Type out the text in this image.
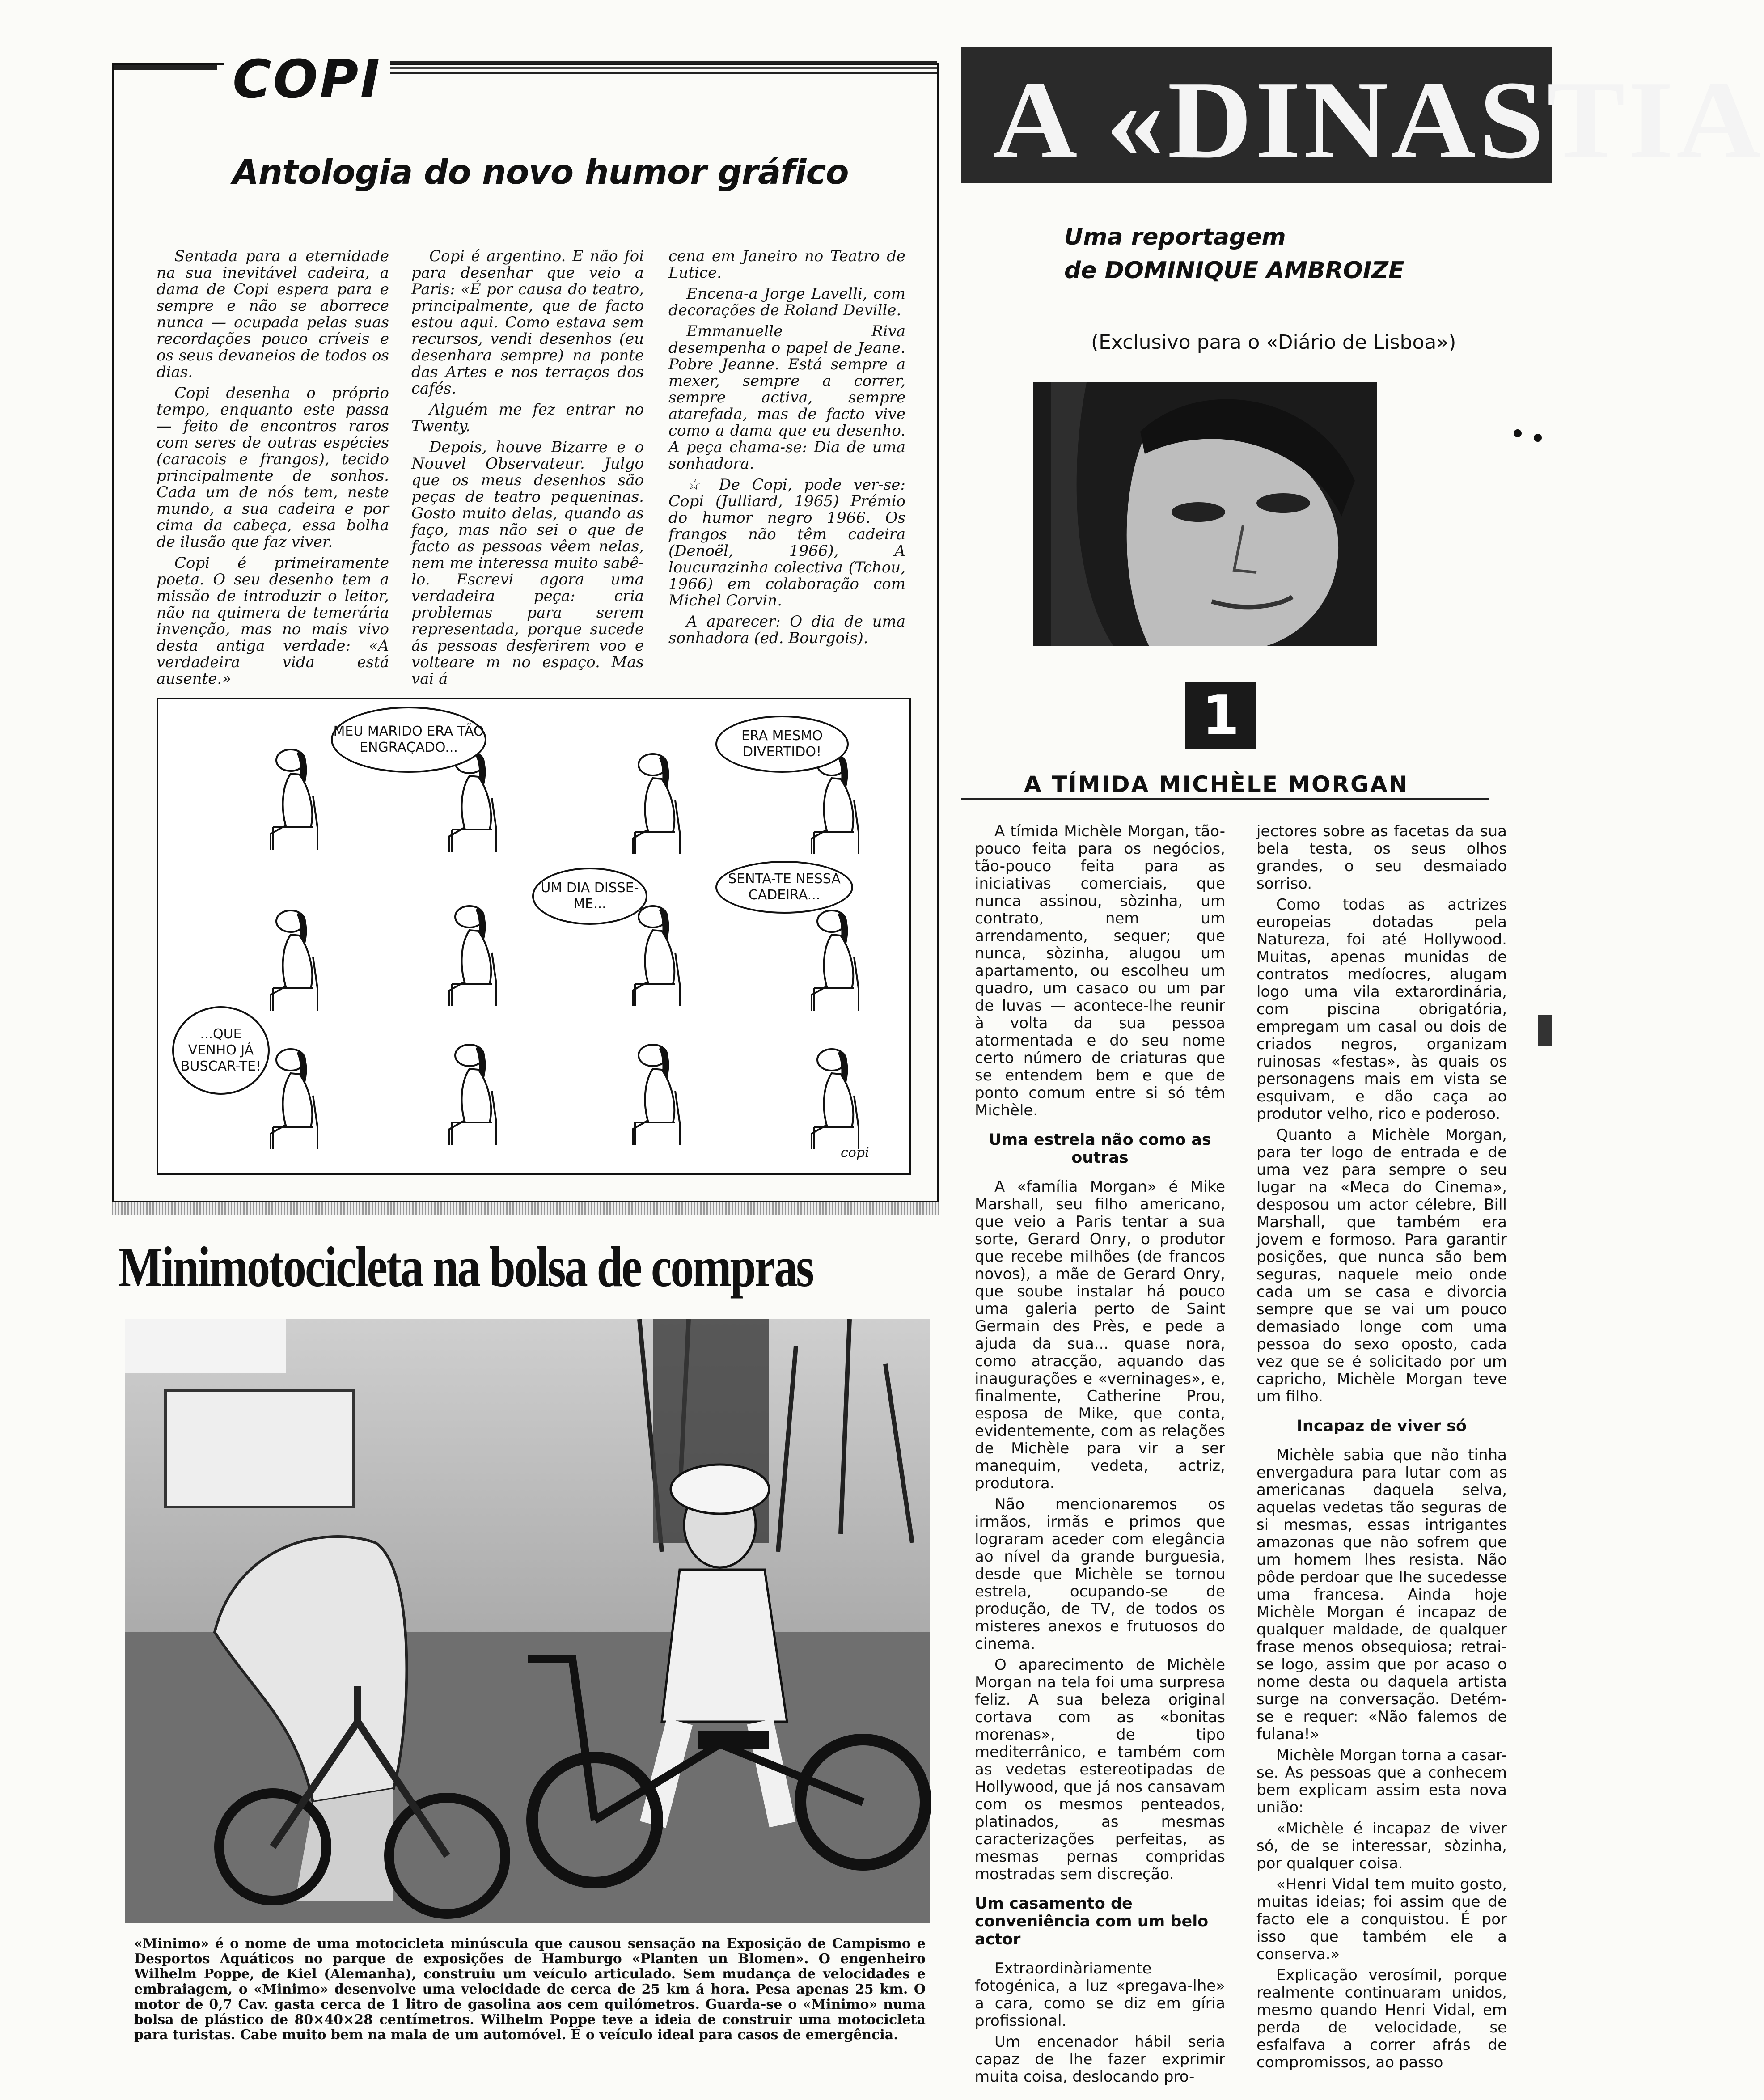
COPI
Antologia do novo humor gráfico

Sentada para a eternidade na sua inevitável cadeira, a dama de Copi espera para e sempre e não se aborrece nunca — ocupada pelas suas recordações pouco críveis e os seus devaneios de todos os dias.

Copi desenha o próprio tempo, enquanto este passa — feito de encontros raros com seres de outras espécies (caracois e frangos), tecido principalmente de sonhos. Cada um de nós tem, neste mundo, a sua cadeira e por cima da cabeça, essa bolha de ilusão que faz viver.

Copi é primeiramente poeta. O seu desenho tem a missão de introduzir o leitor, não na quimera de temerária invenção, mas no mais vivo desta antiga verdade: «A verdadeira vida está ausente.»

Copi é argentino. E não foi para desenhar que veio a Paris: «É por causa do teatro, principalmente, que de facto estou aqui. Como estava sem recursos, vendi desenhos (eu desenhara sempre) na ponte das Artes e nos terraços dos cafés.

Alguém me fez entrar no Twenty.

Depois, houve Bizarre e o Nouvel Observateur. Julgo que os meus desenhos são peças de teatro pequeninas. Gosto muito delas, quando as faço, mas não sei o que de facto as pessoas vêem nelas, nem me interessa muito sabê-lo. Escrevi agora uma verdadeira peça: cria problemas para serem representada, porque sucede ás pessoas desferirem voo e volteare m no espaço. Mas vai á

cena em Janeiro no Teatro de Lutice.

Encena-a Jorge Lavelli, com decorações de Roland Deville.

Emmanuelle Riva desempenha o papel de Jeane. Pobre Jeanne. Está sempre a mexer, sempre a correr, sempre activa, sempre atarefada, mas de facto vive como a dama que eu desenho. A peça chama-se: Dia de uma sonhadora.

☆ De Copi, pode ver-se: Copi (Julliard, 1965) Prémio do humor negro 1966. Os frangos não têm cadeira (Denoël, 1966), A loucurazinha colectiva (Tchou, 1966) em colaboração com Michel Corvin.

A aparecer: O dia de uma sonhadora (ed. Bourgois).

MEU MARIDO ERA TÃO ENGRAÇADO...
ERA MESMO DIVERTIDO!
UM DIA DISSE-ME...
SENTA-TE NESSA CADEIRA...
...QUE VENHO JÁ BUSCAR-TE!
copi
Minimotocicleta na bolsa de compras
«Minimo» é o nome de uma motocicleta minúscula que causou sensação na Exposição de Campismo e Desportos Aquáticos no parque de exposições de Hamburgo «Planten un Blomen». O engenheiro Wilhelm Poppe, de Kiel (Alemanha), construiu um veículo articulado. Sem mudança de velocidades e embraiagem, o «Minimo» desenvolve uma velocidade de cerca de 25 km á hora. Pesa apenas 25 km. O motor de 0,7 Cav. gasta cerca de 1 litro de gasolina aos cem quilómetros. Guarda-se o «Minimo» numa bolsa de plástico de 80×40×28 centímetros. Wilhelm Poppe teve a ideia de construir uma motocicleta para turistas. Cabe muito bem na mala de um automóvel. É o veículo ideal para casos de emergência.
A «DINASTIA
Uma reportagem
de DOMINIQUE AMBROIZE
(Exclusivo para o «Diário de Lisboa»)
1
A TÍMIDA MICHÈLE MORGAN

A tímida Michèle Morgan, tão-pouco feita para os negócios, tão-pouco feita para as iniciativas comerciais, que nunca assinou, sòzinha, um contrato, nem um arrendamento, sequer; que nunca, sòzinha, alugou um apartamento, ou escolheu um quadro, um casaco ou um par de luvas — acontece-lhe reunir à volta da sua pessoa atormentada e do seu nome certo número de criaturas que se entendem bem e que de ponto comum entre si só têm Michèle.

Uma estrela não como as outras

A «família Morgan» é Mike Marshall, seu filho americano, que veio a Paris tentar a sua sorte, Gerard Onry, o produtor que recebe milhões (de francos novos), a mãe de Gerard Onry, que soube instalar há pouco uma galeria perto de Saint Germain des Près, e pede a ajuda da sua... quase nora, como atracção, aquando das inaugurações e «verninages», e, finalmente, Catherine Prou, esposa de Mike, que conta, evidentemente, com as relações de Michèle para vir a ser manequim, vedeta, actriz, produtora.

Não mencionaremos os irmãos, irmãs e primos que lograram aceder com elegância ao nível da grande burguesia, desde que Michèle se tornou estrela, ocupando-se de produção, de TV, de todos os misteres anexos e frutuosos do cinema.

O aparecimento de Michèle Morgan na tela foi uma surpresa feliz. A sua beleza original cortava com as «bonitas morenas», de tipo mediterrânico, e também com as vedetas estereotipadas de Hollywood, que já nos cansavam com os mesmos penteados, platinados, as mesmas caracterizações perfeitas, as mesmas pernas compridas mostradas sem discreção.

Um casamento de conveniência com um belo actor

Extraordinàriamente fotogénica, a luz «pregava-lhe» a cara, como se diz em gíria profissional.

Um encenador hábil seria capaz de lhe fazer exprimir muita coisa, deslocando pro-

jectores sobre as facetas da sua bela testa, os seus olhos grandes, o seu desmaiado sorriso.

Como todas as actrizes europeias dotadas pela Natureza, foi até Hollywood. Muitas, apenas munidas de contratos medíocres, alugam logo uma vila extarordinária, com piscina obrigatória, empregam um casal ou dois de criados negros, organizam ruinosas «festas», às quais os personagens mais em vista se esquivam, e dão caça ao produtor velho, rico e poderoso.

Quanto a Michèle Morgan, para ter logo de entrada e de uma vez para sempre o seu lugar na «Meca do Cinema», desposou um actor célebre, Bill Marshall, que também era jovem e formoso. Para garantir posições, que nunca são bem seguras, naquele meio onde cada um se casa e divorcia sempre que se vai um pouco demasiado longe com uma pessoa do sexo oposto, cada vez que se é solicitado por um capricho, Michèle Morgan teve um filho.

Incapaz de viver só

Michèle sabia que não tinha envergadura para lutar com as americanas daquela selva, aquelas vedetas tão seguras de si mesmas, essas intrigantes amazonas que não sofrem que um homem lhes resista. Não pôde perdoar que lhe sucedesse uma francesa. Ainda hoje Michèle Morgan é incapaz de qualquer maldade, de qualquer frase menos obsequiosa; retrai-se logo, assim que por acaso o nome desta ou daquela artista surge na conversação. Detém-se e requer: «Não falemos de fulana!»

Michèle Morgan torna a casar-se. As pessoas que a conhecem bem explicam assim esta nova união:

«Michèle é incapaz de viver só, de se interessar, sòzinha, por qualquer coisa.

«Henri Vidal tem muito gosto, muitas ideias; foi assim que de facto ele a conquistou. É por isso que também ele a conserva.»

Explicação verosímil, porque realmente continuaram unidos, mesmo quando Henri Vidal, em perda de velocidade, se esfalfava a correr afrás de compromissos, ao passo
